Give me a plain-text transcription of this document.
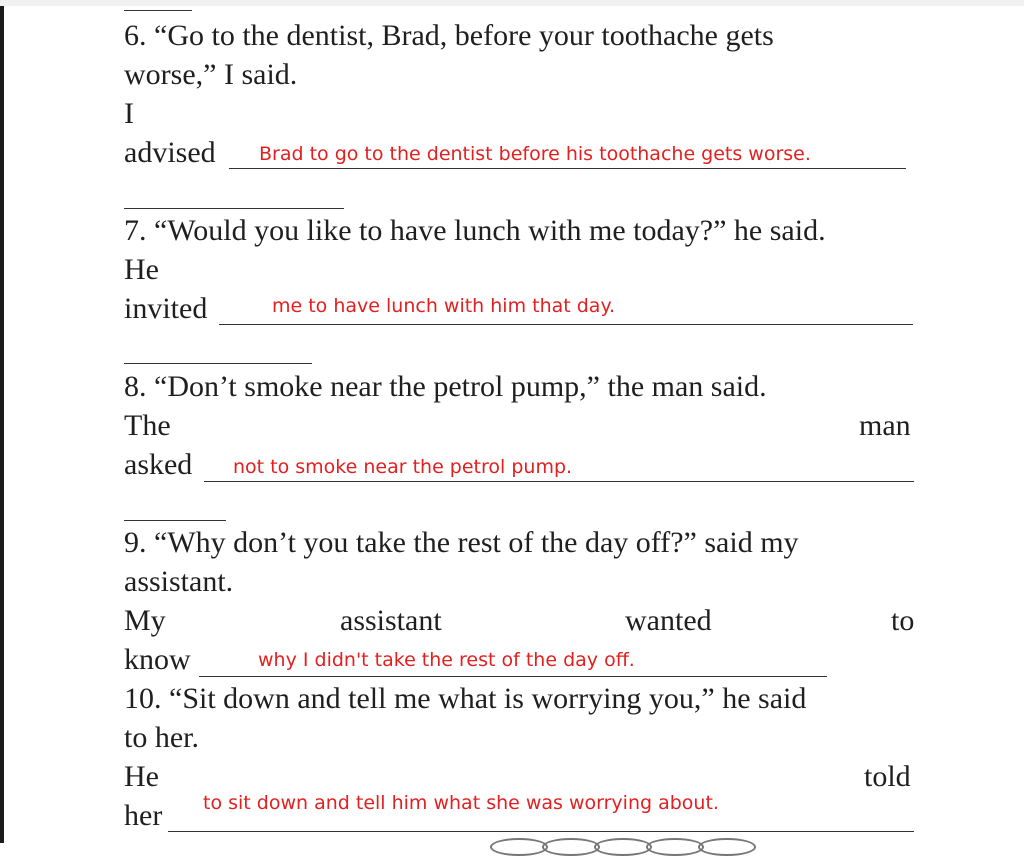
6. “Go to the dentist, Brad, before your toothache gets
worse,” I said.
I
advised Brad to go to the dentist before his toothache gets worse.
7. “Would you like to have lunch with me today?” he said.
He
invited	me to have lunch with him that day.
8. “Don’t smoke near the petrol pump,” the man said.
The	man
asked not to smoke near the petrol pump.
9. “Why don’t you take the rest of the day off?” said my
assistant.
My	assistant	wanted	to
know	why I didn't take the rest of the day off.
10. “Sit down and tell me what is worrying you,” he said
to her.
He	told
her to sit down and tell him what she was worrying about.
